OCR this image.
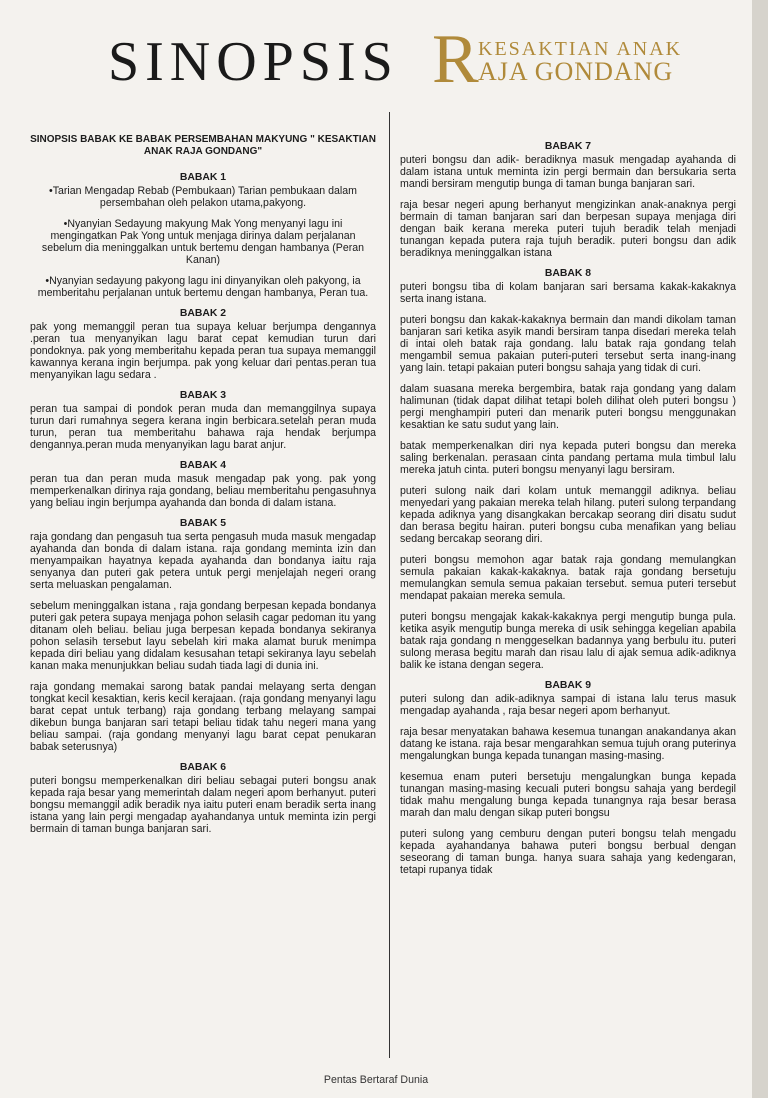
SINOPSIS R KESAKTIAN ANAK
AJA GONDANG
SINOPSIS BABAK KE BABAK PERSEMBAHAN MAKYUNG " KESAKTIAN ANAK RAJA GONDANG"
BABAK 1
•Tarian Mengadap Rebab (Pembukaan) Tarian pembukaan dalam persembahan oleh pelakon utama,pakyong.
•Nyanyian Sedayung makyung Mak Yong menyanyi lagu ini mengingatkan Pak Yong untuk menjaga dirinya dalam perjalanan sebelum dia meninggalkan untuk bertemu dengan hambanya (Peran Kanan)
•Nyanyian sedayung pakyong lagu ini dinyanyikan oleh pakyong, ia memberitahu perjalanan untuk bertemu dengan hambanya, Peran tua.
BABAK 2
pak yong memanggil peran tua supaya keluar berjumpa dengannya .peran tua menyanyikan lagu barat cepat kemudian turun dari pondoknya. pak yong memberitahu kepada peran tua supaya memanggil kawannya kerana ingin berjumpa. pak yong keluar dari pentas.peran tua menyanyikan lagu sedara .
BABAK 3
peran tua sampai di pondok peran muda dan memanggilnya supaya turun dari rumahnya segera kerana ingin berbicara.setelah peran muda turun, peran tua memberitahu bahawa raja hendak berjumpa dengannya.peran muda menyanyikan lagu barat anjur.
BABAK 4
peran tua dan peran muda masuk mengadap pak yong. pak yong memperkenalkan dirinya raja gondang, beliau memberitahu pengasuhnya yang beliau ingin berjumpa ayahanda dan bonda di dalam istana.
BABAK 5
raja gondang dan pengasuh tua serta pengasuh muda masuk mengadap ayahanda dan bonda di dalam istana. raja gondang meminta izin dan menyampaikan hayatnya kepada ayahanda dan bondanya iaitu raja senyanya dan puteri gak petera untuk pergi menjelajah negeri orang serta meluaskan pengalaman.
sebelum meninggalkan istana , raja gondang berpesan kepada bondanya puteri gak petera supaya menjaga pohon selasih cagar pedoman itu yang ditanam oleh beliau. beliau juga berpesan kepada bondanya sekiranya pohon selasih tersebut layu sebelah kiri maka alamat buruk menimpa kepada diri beliau yang didalam kesusahan tetapi sekiranya layu sebelah kanan maka menunjukkan beliau sudah tiada lagi di dunia ini.
raja gondang memakai sarong batak pandai melayang serta dengan tongkat kecil kesaktian, keris kecil kerajaan. (raja gondang menyanyi lagu barat cepat untuk terbang) raja gondang terbang melayang sampai dikebun bunga banjaran sari tetapi beliau tidak tahu negeri mana yang beliau sampai. (raja gondang menyanyi lagu barat cepat penukaran babak seterusnya)
BABAK 6
puteri bongsu memperkenalkan diri beliau sebagai puteri bongsu anak kepada raja besar yang memerintah dalam negeri apom berhanyut. puteri bongsu memanggil adik beradik nya iaitu puteri enam beradik serta inang istana yang lain pergi mengadap ayahandanya untuk meminta izin pergi bermain di taman bunga banjaran sari.
BABAK 7
puteri bongsu dan adik- beradiknya masuk mengadap ayahanda di dalam istana untuk meminta izin pergi bermain dan bersukaria serta mandi bersiram mengutip bunga di taman bunga banjaran sari.
raja besar negeri apung berhanyut mengizinkan anak-anaknya pergi bermain di taman banjaran sari dan berpesan supaya menjaga diri dengan baik kerana mereka puteri tujuh beradik telah menjadi tunangan kepada putera raja tujuh beradik. puteri bongsu dan adik beradiknya meninggalkan istana
BABAK 8
puteri bongsu tiba di kolam banjaran sari bersama kakak-kakaknya serta inang istana.
puteri bongsu dan kakak-kakaknya bermain dan mandi dikolam taman banjaran sari ketika asyik mandi bersiram tanpa disedari mereka telah di intai oleh batak raja gondang. lalu batak raja gondang telah mengambil semua pakaian puteri-puteri tersebut serta inang-inang yang lain. tetapi pakaian puteri bongsu sahaja yang tidak di curi.
dalam suasana mereka bergembira, batak raja gondang yang dalam halimunan (tidak dapat dilihat tetapi boleh dilihat oleh puteri bongsu ) pergi menghampiri puteri dan menarik puteri bongsu menggunakan kesaktian ke satu sudut yang lain.
batak memperkenalkan diri nya kepada puteri bongsu dan mereka saling berkenalan. perasaan cinta pandang pertama mula timbul lalu mereka jatuh cinta. puteri bongsu menyanyi lagu bersiram.
puteri sulong naik dari kolam untuk memanggil adiknya. beliau menyedari yang pakaian mereka telah hilang. puteri sulong terpandang kepada adiknya yang disangkakan bercakap seorang diri disatu sudut dan berasa begitu hairan. puteri bongsu cuba menafikan yang beliau sedang bercakap seorang diri.
puteri bongsu memohon agar batak raja gondang memulangkan semula pakaian kakak-kakaknya. batak raja gondang bersetuju memulangkan semula semua pakaian tersebut. semua puteri tersebut mendapat pakaian mereka semula.
puteri bongsu mengajak kakak-kakaknya pergi mengutip bunga pula. ketika asyik mengutip bunga mereka di usik sehingga kegelian apabila batak raja gondang n menggeselkan badannya yang berbulu itu. puteri sulong merasa begitu marah dan risau lalu di ajak semua adik-adiknya balik ke istana dengan segera.
BABAK 9
puteri sulong dan adik-adiknya sampai di istana lalu terus masuk mengadap ayahanda , raja besar negeri apom berhanyut.
raja besar menyatakan bahawa kesemua tunangan anakandanya akan datang ke istana. raja besar mengarahkan semua tujuh orang puterinya mengalungkan bunga kepada tunangan masing-masing.
kesemua enam puteri bersetuju mengalungkan bunga kepada tunangan masing-masing kecuali puteri bongsu sahaja yang berdegil tidak mahu mengalung bunga kepada tunangnya raja besar berasa marah dan malu dengan sikap puteri bongsu
puteri sulong yang cemburu dengan puteri bongsu telah mengadu kepada ayahandanya bahawa puteri bongsu berbual dengan seseorang di taman bunga. hanya suara sahaja yang kedengaran, tetapi rupanya tidak
Pentas Bertaraf Dunia
